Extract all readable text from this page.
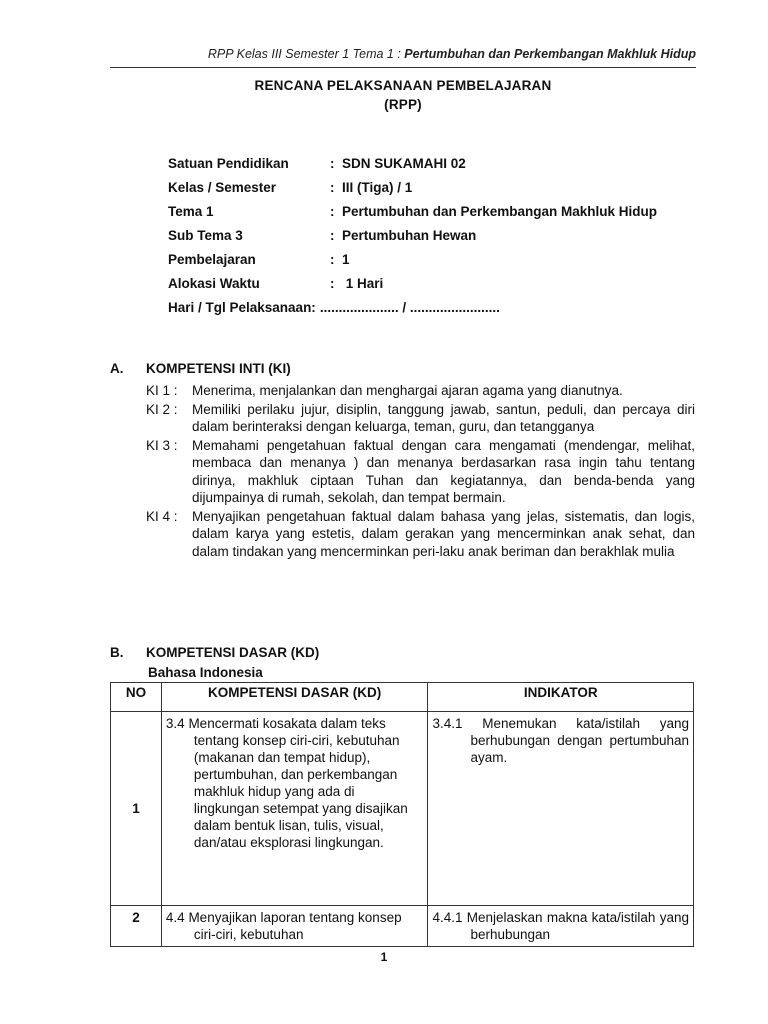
RPP Kelas III Semester 1 Tema 1 : Pertumbuhan dan Perkembangan Makhluk Hidup
RENCANA PELAKSANAAN PEMBELAJARAN
(RPP)
Satuan Pendidikan	: SDN SUKAMAHI 02
Kelas / Semester	: III (Tiga) / 1
Tema 1	: Pertumbuhan dan Perkembangan Makhluk Hidup
Sub Tema 3	: Pertumbuhan Hewan
Pembelajaran	: 1
Alokasi Waktu	: 1 Hari
Hari / Tgl Pelaksanaan: ..................... / ........................
A.	KOMPETENSI INTI (KI)
KI 1 :	Menerima, menjalankan dan menghargai ajaran agama yang dianutnya.
KI 2 :	Memiliki perilaku jujur, disiplin, tanggung jawab, santun, peduli, dan percaya diri dalam berinteraksi dengan keluarga, teman, guru, dan tetangganya
KI 3 :	Memahami pengetahuan faktual dengan cara mengamati (mendengar, melihat, membaca dan menanya ) dan menanya berdasarkan rasa ingin tahu tentang dirinya, makhluk ciptaan Tuhan dan kegiatannya, dan benda-benda yang dijumpainya di rumah, sekolah, dan tempat bermain.
KI 4 :	Menyajikan pengetahuan faktual dalam bahasa yang jelas, sistematis, dan logis, dalam karya yang estetis, dalam gerakan yang mencerminkan anak sehat, dan dalam tindakan yang mencerminkan peri-laku anak beriman dan berakhlak mulia
B.	KOMPETENSI DASAR (KD)
Bahasa Indonesia
NO	KOMPETENSI DASAR (KD)	INDIKATOR
1	3.4 Mencermati kosakata dalam teks tentang konsep ciri-ciri, kebutuhan (makanan dan tempat hidup), pertumbuhan, dan perkembangan makhluk hidup yang ada di lingkungan setempat yang disajikan dalam bentuk lisan, tulis, visual, dan/atau eksplorasi lingkungan.	3.4.1 Menemukan kata/istilah yang berhubungan dengan pertumbuhan ayam.

2	4.4 Menyajikan laporan tentang konsep ciri-ciri, kebutuhan	4.4.1 Menjelaskan makna kata/istilah yang berhubungan
1
